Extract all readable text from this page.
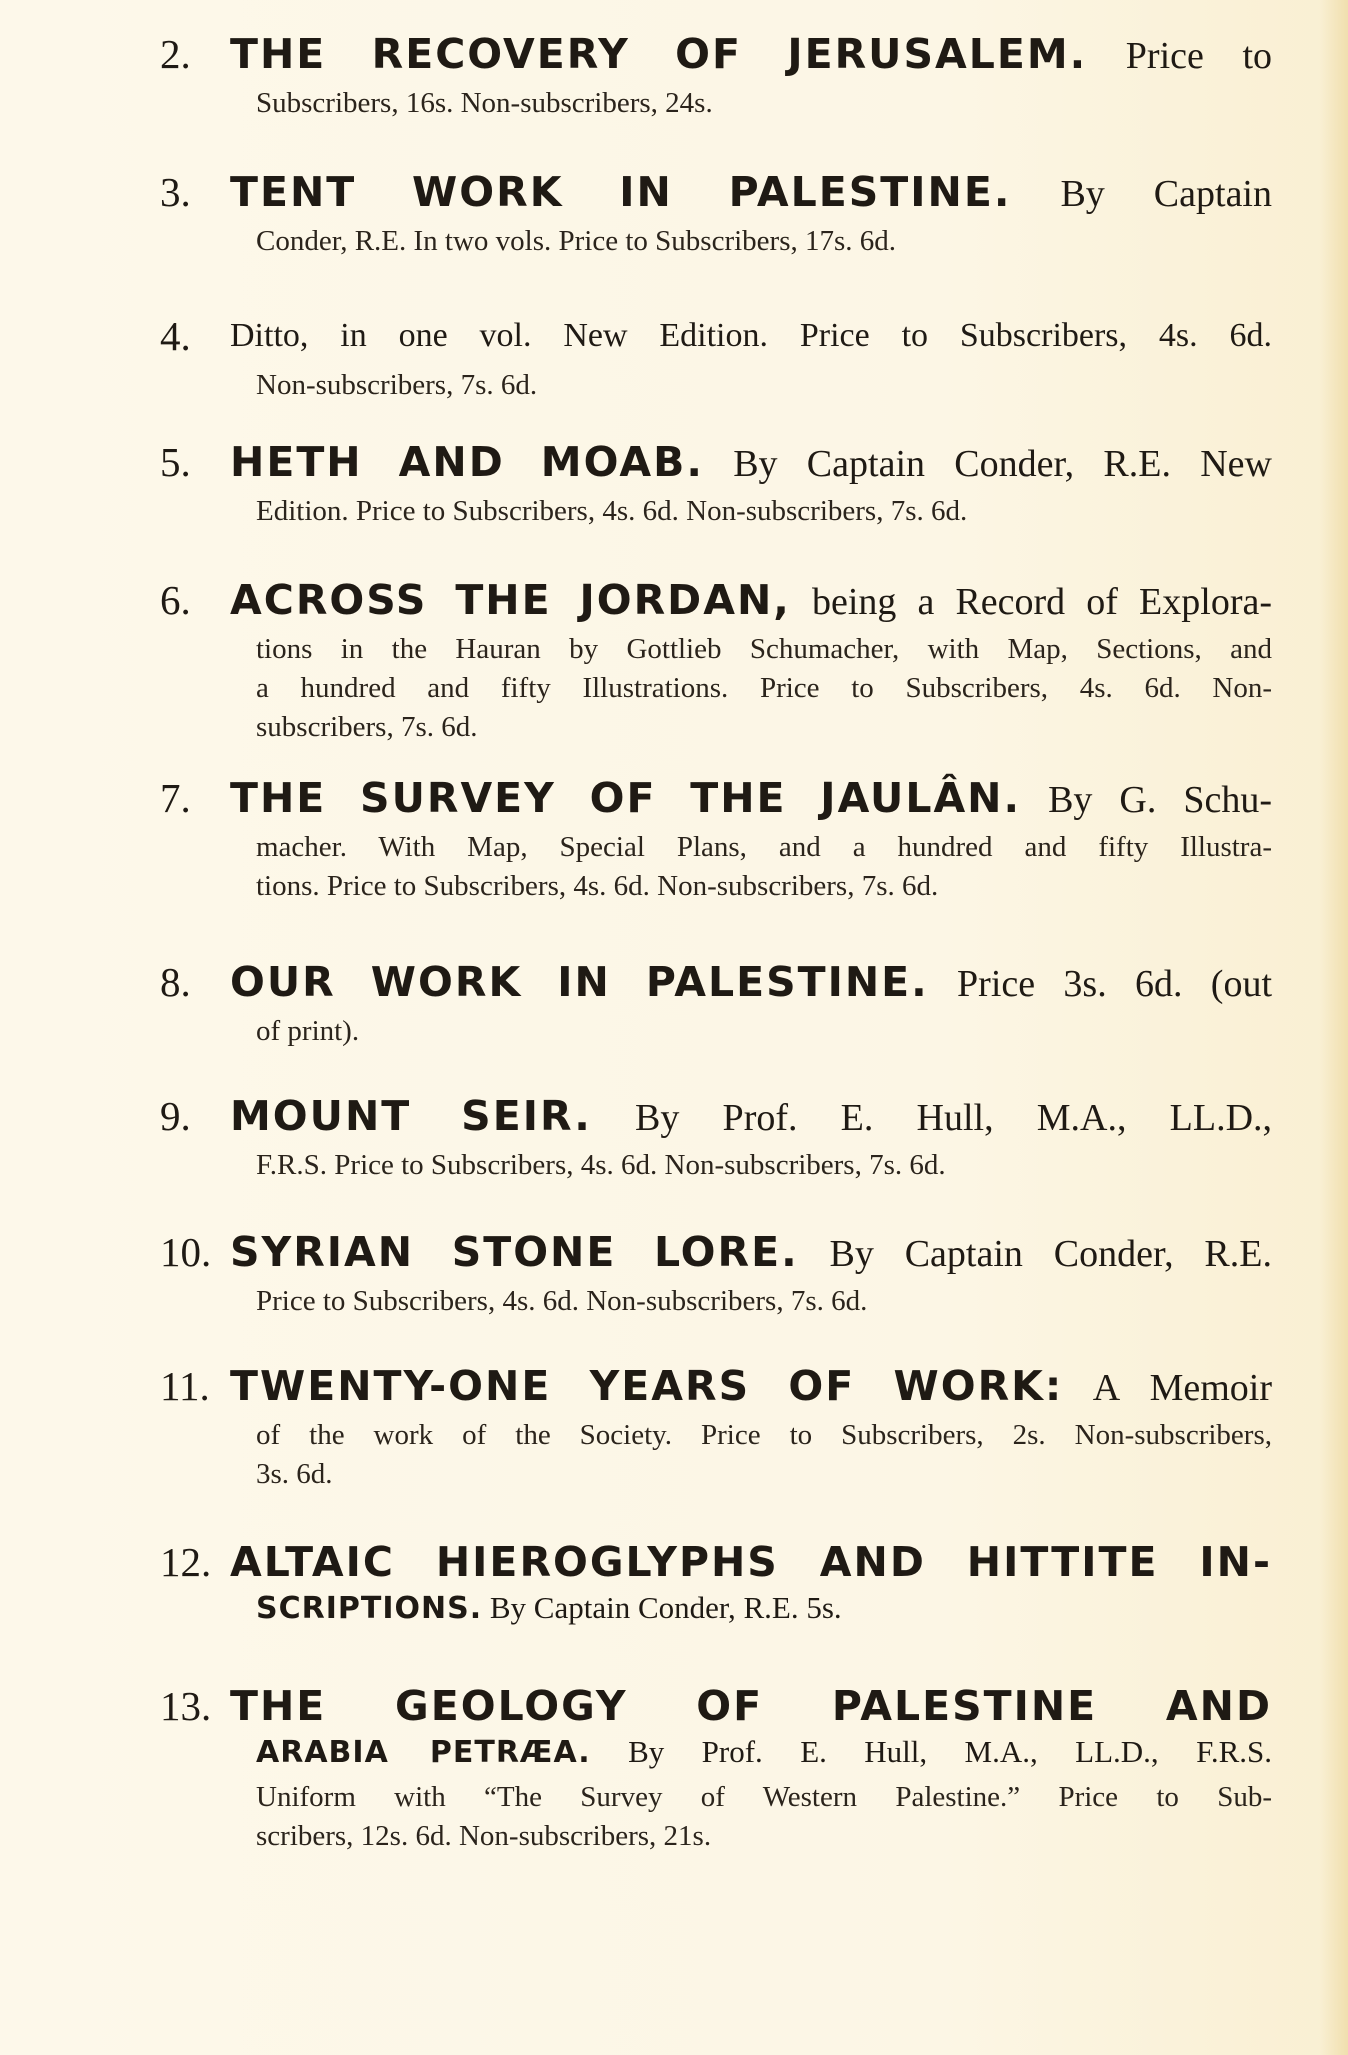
2. THE RECOVERY OF JERUSALEM. Price to
Subscribers, 16s. Non-subscribers, 24s.
3. TENT WORK IN PALESTINE. By Captain
Conder, R.E. In two vols. Price to Subscribers, 17s. 6d.
4.	Ditto, in one vol. New Edition. Price to Subscribers, 4s. 6d.
Non-subscribers, 7s. 6d.
5. HETH AND MOAB. By Captain Conder, R.E. New
Edition. Price to Subscribers, 4s. 6d. Non-subscribers, 7s. 6d.
6. ACROSS THE JORDAN, being a Record of Explora-
tions in the Hauran by Gottlieb Schumacher, with Map, Sections, and
a hundred and fifty Illustrations. Price to Subscribers, 4s. 6d. Non-
subscribers, 7s. 6d.
7. THE SURVEY OF THE JAULÂN. By G. Schu-
macher. With Map, Special Plans, and a hundred and fifty Illustra-
tions. Price to Subscribers, 4s. 6d. Non-subscribers, 7s. 6d.
8. OUR WORK IN PALESTINE. Price 3s. 6d. (out
of print).
9. MOUNT SEIR. By Prof. E. Hull, M.A., LL.D.,
F.R.S. Price to Subscribers, 4s. 6d. Non-subscribers, 7s. 6d.
10. SYRIAN STONE LORE. By Captain Conder, R.E.
Price to Subscribers, 4s. 6d. Non-subscribers, 7s. 6d.
11. TWENTY-ONE YEARS OF WORK: A Memoir
of the work of the Society. Price to Subscribers, 2s. Non-subscribers,
3s. 6d.
12. ALTAIC HIEROGLYPHS AND HITTITE IN-
SCRIPTIONS. By Captain Conder, R.E. 5s.
13. THE GEOLOGY OF PALESTINE AND
ARABIA PETRÆA. By Prof. E. Hull, M.A., LL.D., F.R.S.
Uniform with “The Survey of Western Palestine.” Price to Sub-
scribers, 12s. 6d. Non-subscribers, 21s.
